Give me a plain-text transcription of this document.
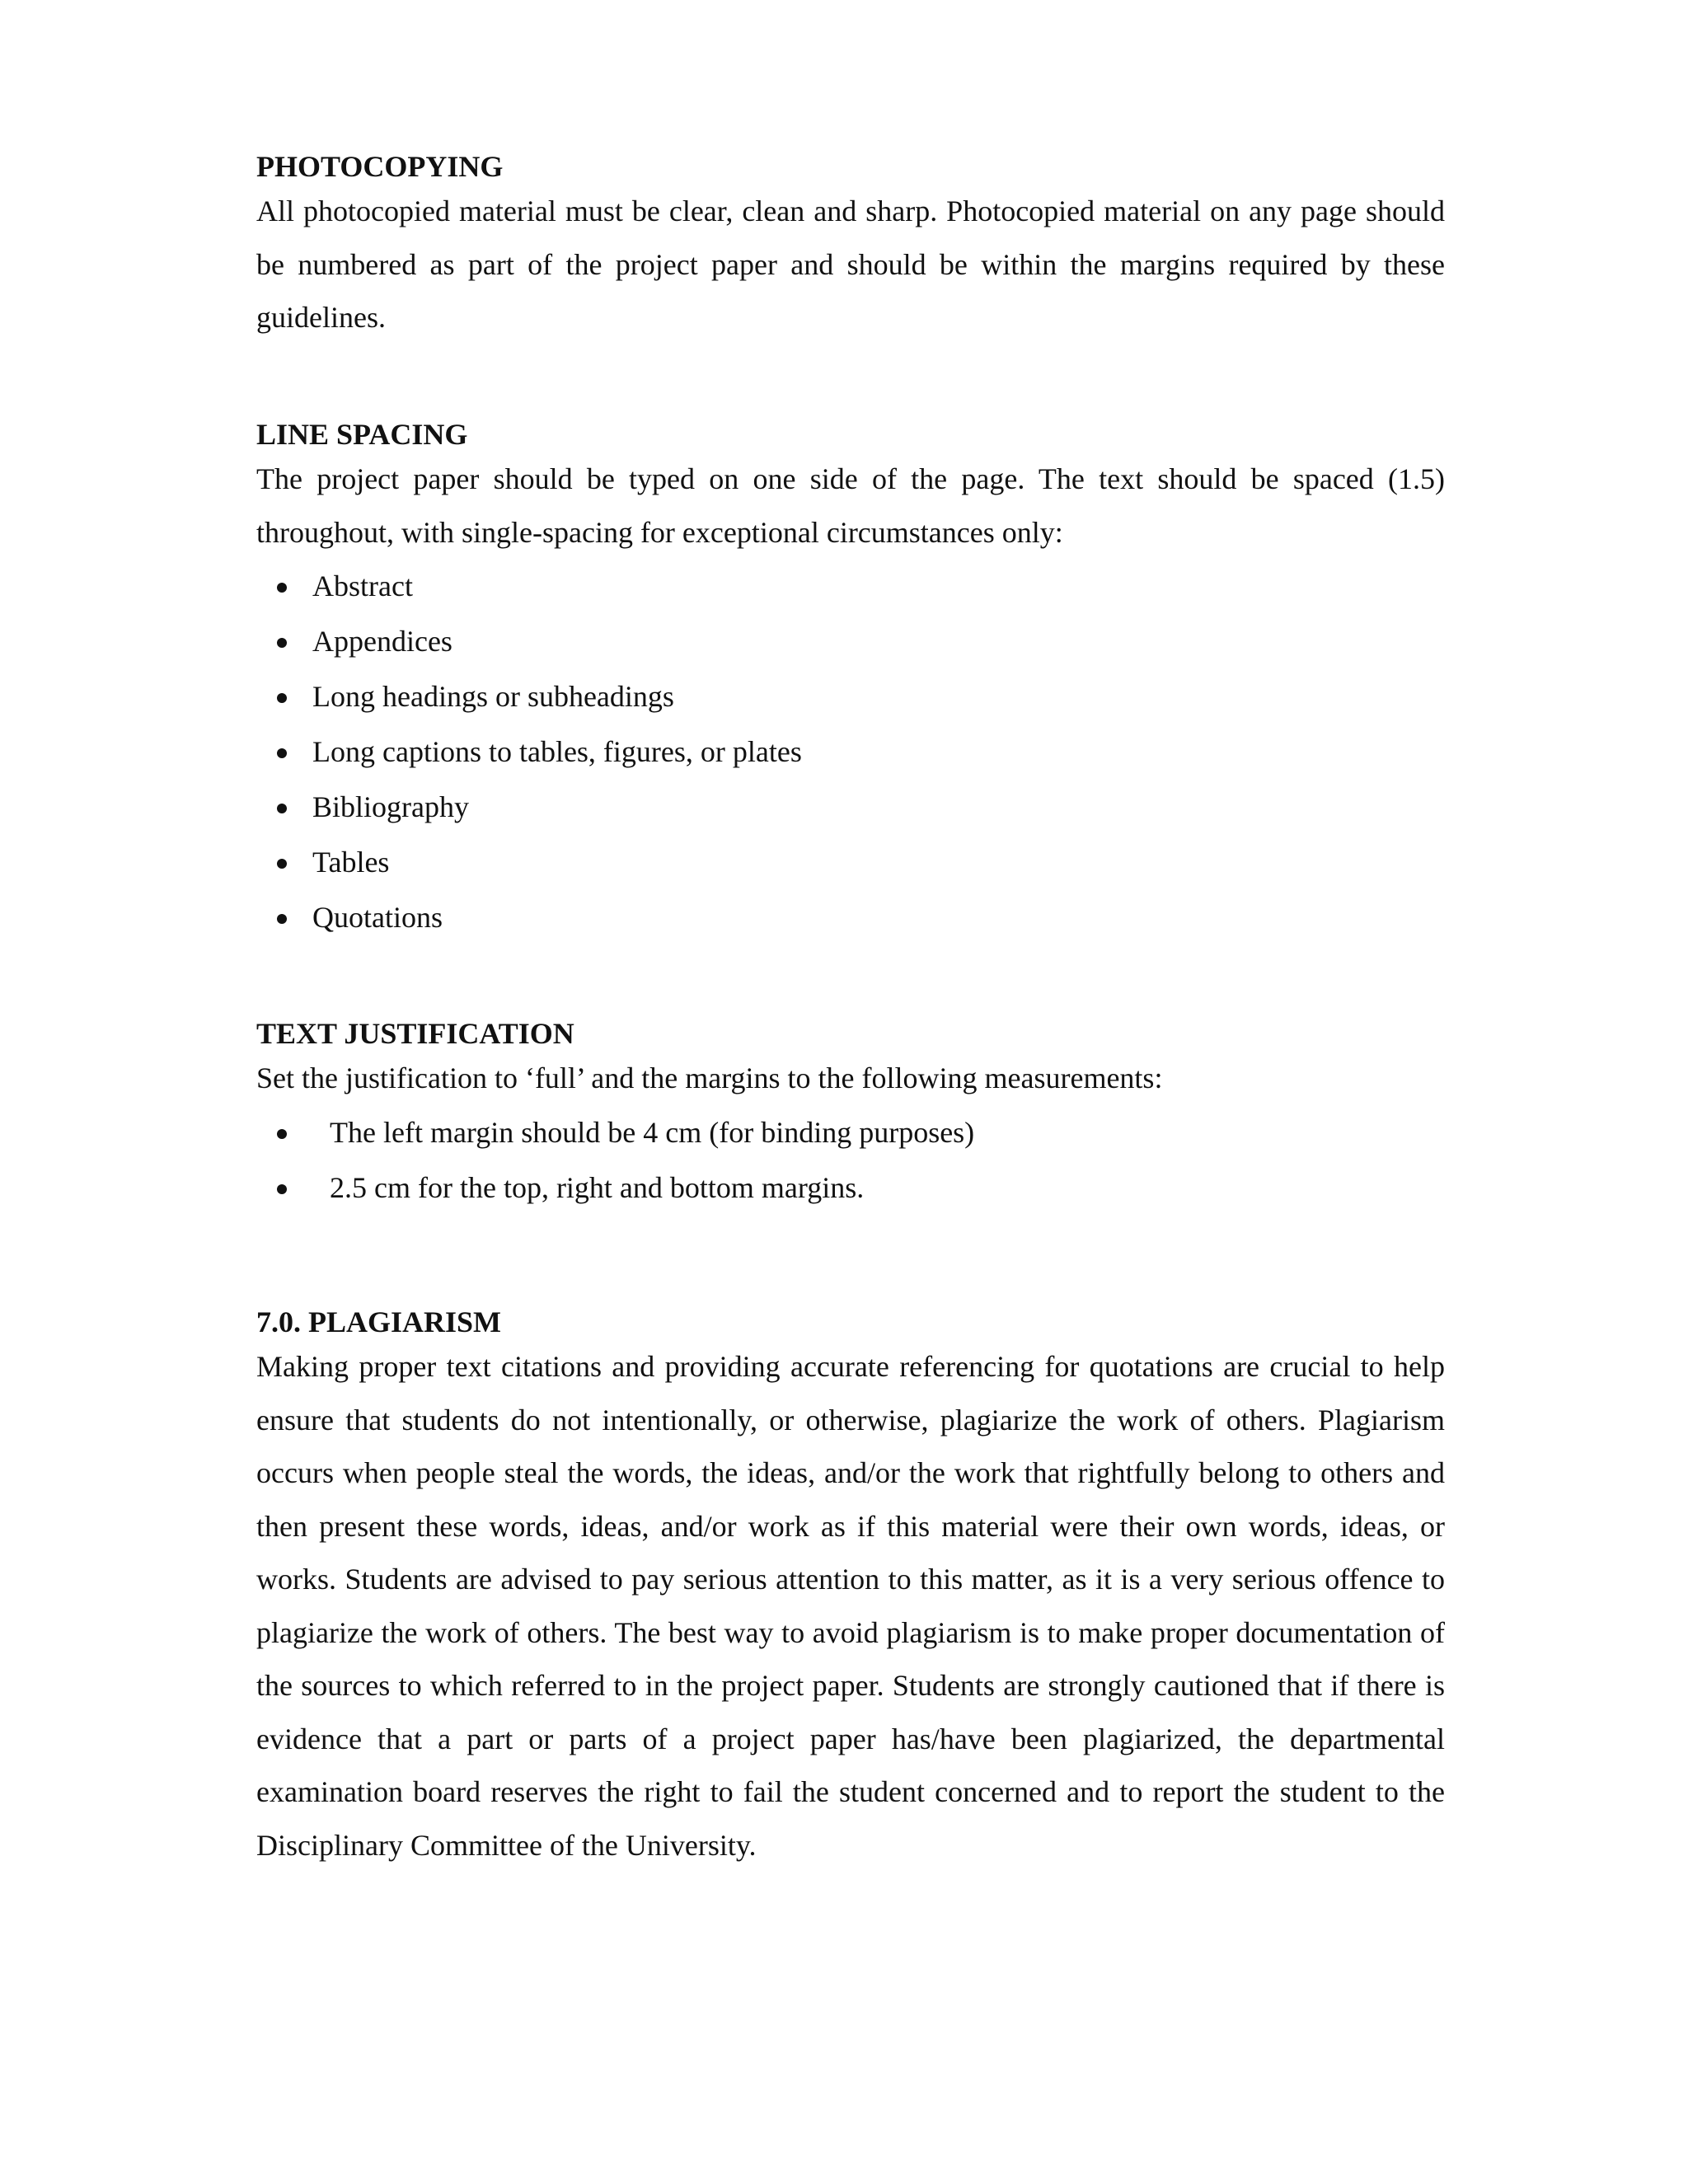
PHOTOCOPYING

All photocopied material must be clear, clean and sharp. Photocopied material on any page should be numbered as part of the project paper and should be within the margins required by these guidelines.

LINE SPACING

The project paper should be typed on one side of the page. The text should be spaced (1.5) throughout, with single-spacing for exceptional circumstances only:

Abstract
Appendices
Long headings or subheadings
Long captions to tables, figures, or plates
Bibliography
Tables
Quotations
TEXT JUSTIFICATION

Set the justification to ‘full’ and the margins to the following measurements:

The left margin should be 4 cm (for binding purposes)
2.5 cm for the top, right and bottom margins.
7.0. PLAGIARISM

Making proper text citations and providing accurate referencing for quotations are crucial to help ensure that students do not intentionally, or otherwise, plagiarize the work of others. Plagiarism occurs when people steal the words, the ideas, and/or the work that rightfully belong to others and then present these words, ideas, and/or work as if this material were their own words, ideas, or works. Students are advised to pay serious attention to this matter, as it is a very serious offence to plagiarize the work of others. The best way to avoid plagiarism is to make proper documentation of the sources to which referred to in the project paper. Students are strongly cautioned that if there is evidence that a part or parts of a project paper has/have been plagiarized, the departmental examination board reserves the right to fail the student concerned and to report the student to the Disciplinary Committee of the University.
